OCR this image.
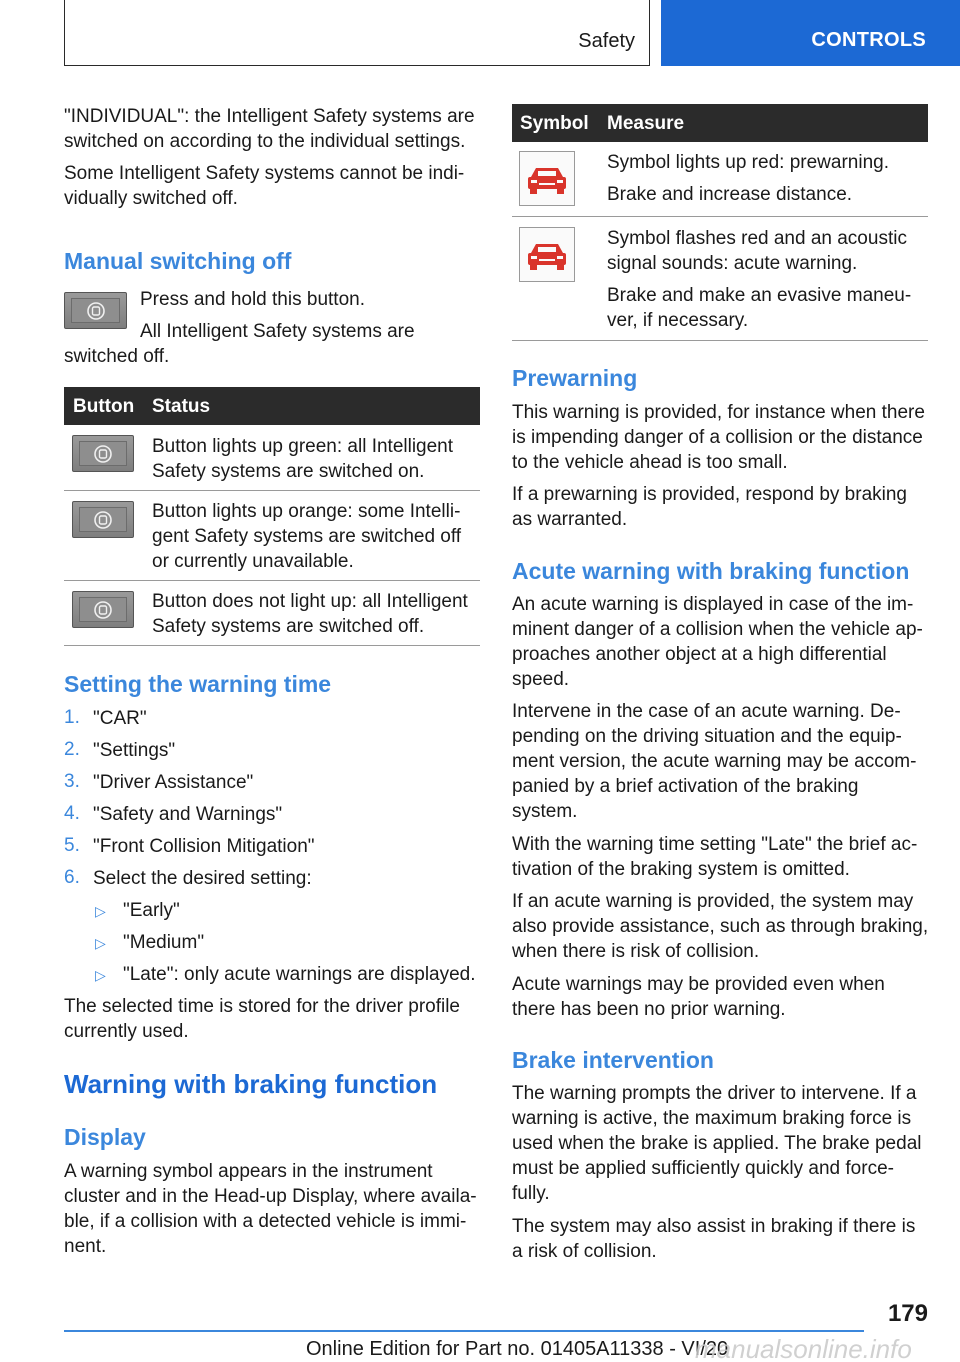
Safety	CONTROLS
"INDIVIDUAL": the Intelligent Safety systems are
switched on according to the individual settings.
Some Intelligent Safety systems cannot be indi-
vidually switched off.
Manual switching off
Press and hold this button.
All Intelligent Safety systems are
switched off.
Button Status
Button lights up green: all Intelligent
Safety systems are switched on.
Button lights up orange: some Intelli-
gent Safety systems are switched off
or currently unavailable.
Button does not light up: all Intelligent
Safety systems are switched off.
Setting the warning time
1. "CAR"
2. "Settings"
3. "Driver Assistance"
4. "Safety and Warnings"
5. "Front Collision Mitigation"
6. Select the desired setting:
▷ "Early"
▷ "Medium"
▷ "Late": only acute warnings are displayed.
The selected time is stored for the driver profile
currently used.
Warning with braking function
Display
A warning symbol appears in the instrument
cluster and in the Head-up Display, where availa-
ble, if a collision with a detected vehicle is immi-
nent.
Symbol Measure
Symbol lights up red: prewarning.
Brake and increase distance.
Symbol flashes red and an acoustic
signal sounds: acute warning.
Brake and make an evasive maneu-
ver, if necessary.
Prewarning
This warning is provided, for instance when there
is impending danger of a collision or the distance
to the vehicle ahead is too small.
If a prewarning is provided, respond by braking
as warranted.
Acute warning with braking function
An acute warning is displayed in case of the im-
minent danger of a collision when the vehicle ap-
proaches another object at a high differential
speed.
Intervene in the case of an acute warning. De-
pending on the driving situation and the equip-
ment version, the acute warning may be accom-
panied by a brief activation of the braking
system.
With the warning time setting "Late" the brief ac-
tivation of the braking system is omitted.
If an acute warning is provided, the system may
also provide assistance, such as through braking,
when there is risk of collision.
Acute warnings may be provided even when
there has been no prior warning.
Brake intervention
The warning prompts the driver to intervene. If a
warning is active, the maximum braking force is
used when the brake is applied. The brake pedal
must be applied sufficiently quickly and force-
fully.
The system may also assist in braking if there is
a risk of collision.
179
Online Edition for Part no. 01405A11338 - VI/20
manualsonline.info
